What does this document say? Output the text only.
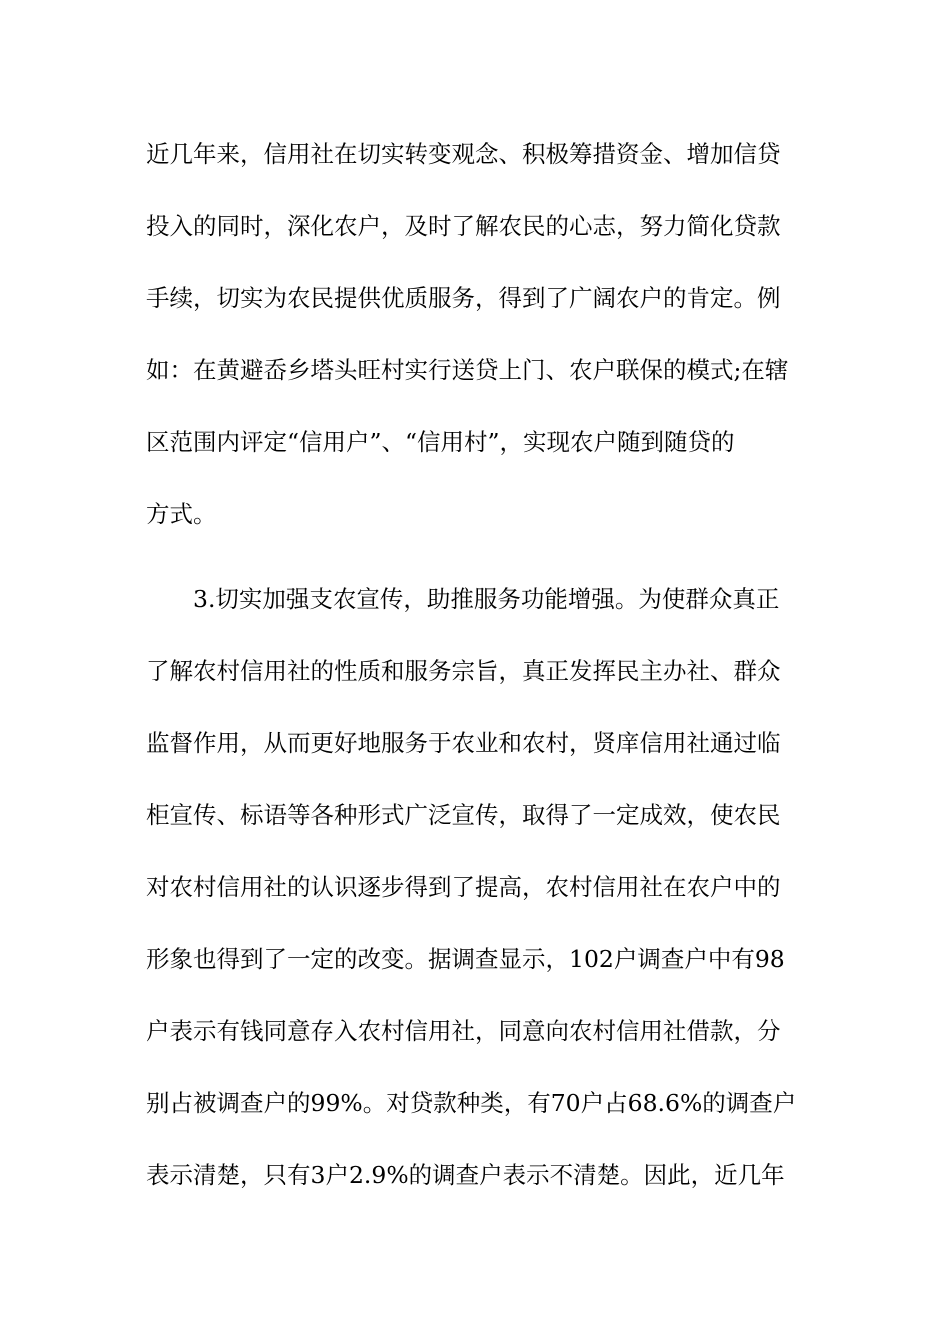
近几年来，信用社在切实转变观念、积极筹措资金、增加信贷
投入的同时，深化农户，及时了解农民的心志，努力简化贷款
手续，切实为农民提供优质服务，得到了广阔农户的肯定。例
如：在黄避岙乡塔头旺村实行送贷上门、农户联保的模式;在辖
区范围内评定“信用户”、“信用村”，实现农户随到随贷的
方式。
3.切实加强支农宣传，助推服务功能增强。为使群众真正
了解农村信用社的性质和服务宗旨，真正发挥民主办社、群众
监督作用，从而更好地服务于农业和农村，贤庠信用社通过临
柜宣传、标语等各种形式广泛宣传，取得了一定成效，使农民
对农村信用社的认识逐步得到了提高，农村信用社在农户中的
形象也得到了一定的改变。据调查显示，102户调查户中有98
户表示有钱同意存入农村信用社，同意向农村信用社借款，分
别占被调查户的99%。对贷款种类，有70户占68.6%的调查户
表示清楚，只有3户2.9%的调查户表示不清楚。因此，近几年
